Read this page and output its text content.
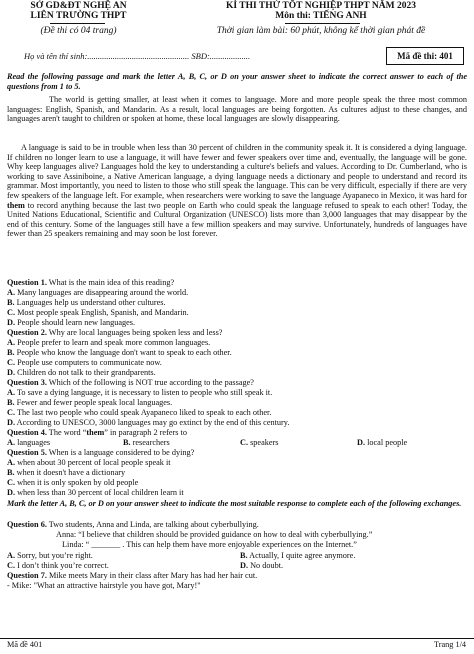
SỞ GD&ĐT NGHỆ AN
LIÊN TRƯỜNG THPT
(Đề thi có 04 trang)
KÌ THI THỬ TỐT NGHIỆP THPT NĂM 2023
Môn thi: TIẾNG ANH
Thời gian làm bài: 60 phút, không kể thời gian phát đề
Họ và tên thí sinh:................................................ SBD:...................	Mã đề thi: 401
Read the following passage and mark the letter A, B, C, or D on your answer sheet to indicate the correct answer to each of the questions from 1 to 5.
The world is getting smaller, at least when it comes to language. More and more people speak the three most common languages: English, Spanish, and Mandarin. As a result, local languages are being forgotten. As cultures adjust to these changes, and languages aren't taught to children or spoken at home, these local languages are slowly disappearing.
A language is said to be in trouble when less than 30 percent of children in the community speak it. It is considered a dying language. If children no longer learn to use a language, it will have fewer and fewer speakers over time and, eventually, the language will be gone. Why keep languages alive? Languages hold the key to understanding a culture's beliefs and values. According to Dr. Cumberland, who is working to save Assiniboine, a Native American language, a dying language needs a dictionary and people to understand and record its grammar. Most importantly, you need to listen to those who still speak the language. This can be very difficult, especially if there are very few speakers of the language left. For example, when researchers were working to save the language Ayapaneco in Mexico, it was hard for them to record anything because the last two people on Earth who could speak the language refused to speak to each other! Today, the United Nations Educational, Scientific and Cultural Organization (UNESCO) lists more than 3,000 languages that may disappear by the end of this century. Some of the languages still have a few million speakers and may survive. Unfortunately, hundreds of languages have fewer than 25 speakers remaining and may soon be lost forever.
Question 1. What is the main idea of this reading?
A. Many languages are disappearing around the world.
B. Languages help us understand other cultures.
C. Most people speak English, Spanish, and Mandarin.
D. People should learn new languages.
Question 2. Why are local languages being spoken less and less?
A. People prefer to learn and speak more common languages.
B. People who know the language don't want to speak to each other.
C. People use computers to communicate now.
D. Children do not talk to their grandparents.
Question 3. Which of the following is NOT true according to the passage?
A. To save a dying language, it is necessary to listen to people who still speak it.
B. Fewer and fewer people speak local languages.
C. The last two people who could speak Ayapaneco liked to speak to each other.
D. According to UNESCO, 3000 languages may go extinct by the end of this century.
Question 4. The word “them” in paragraph 2 refers to
A. languages	B. researchers	C. speakers	D. local people
Question 5. When is a language considered to be dying?
A. when about 30 percent of local people speak it
B. when it doesn't have a dictionary
C. when it is only spoken by old people
D. when less than 30 percent of local children learn it
Mark the letter A, B, C, or D on your answer sheet to indicate the most suitable response to complete each of the following exchanges.
Question 6. Two students, Anna and Linda, are talking about cyberbullying.
Anna: “I believe that children should be provided guidance on how to deal with cyberbullying.”
Linda: “ _______ . This can help them have more enjoyable experiences on the Internet.”
A. Sorry, but you’re right.	B. Actually, I quite agree anymore.
C. I don’t think you’re correct.	D. No doubt.
Question 7. Mike meets Mary in their class after Mary has had her hair cut.
- Mike: "What an attractive hairstyle you have got, Mary!"
Mã đề 401	Trang 1/4
